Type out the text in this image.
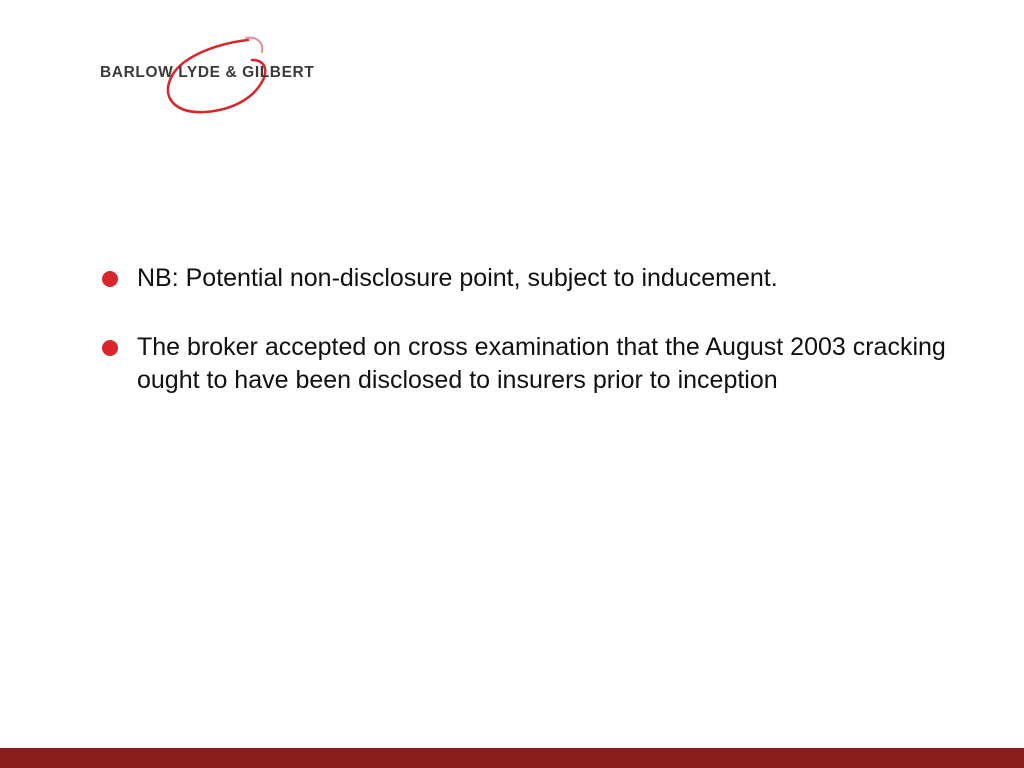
BARLOW LYDE & GILBERT
NB: Potential non-disclosure point, subject to inducement.
The broker accepted on cross examination that the August 2003 cracking ought to have been disclosed to insurers prior to inception
